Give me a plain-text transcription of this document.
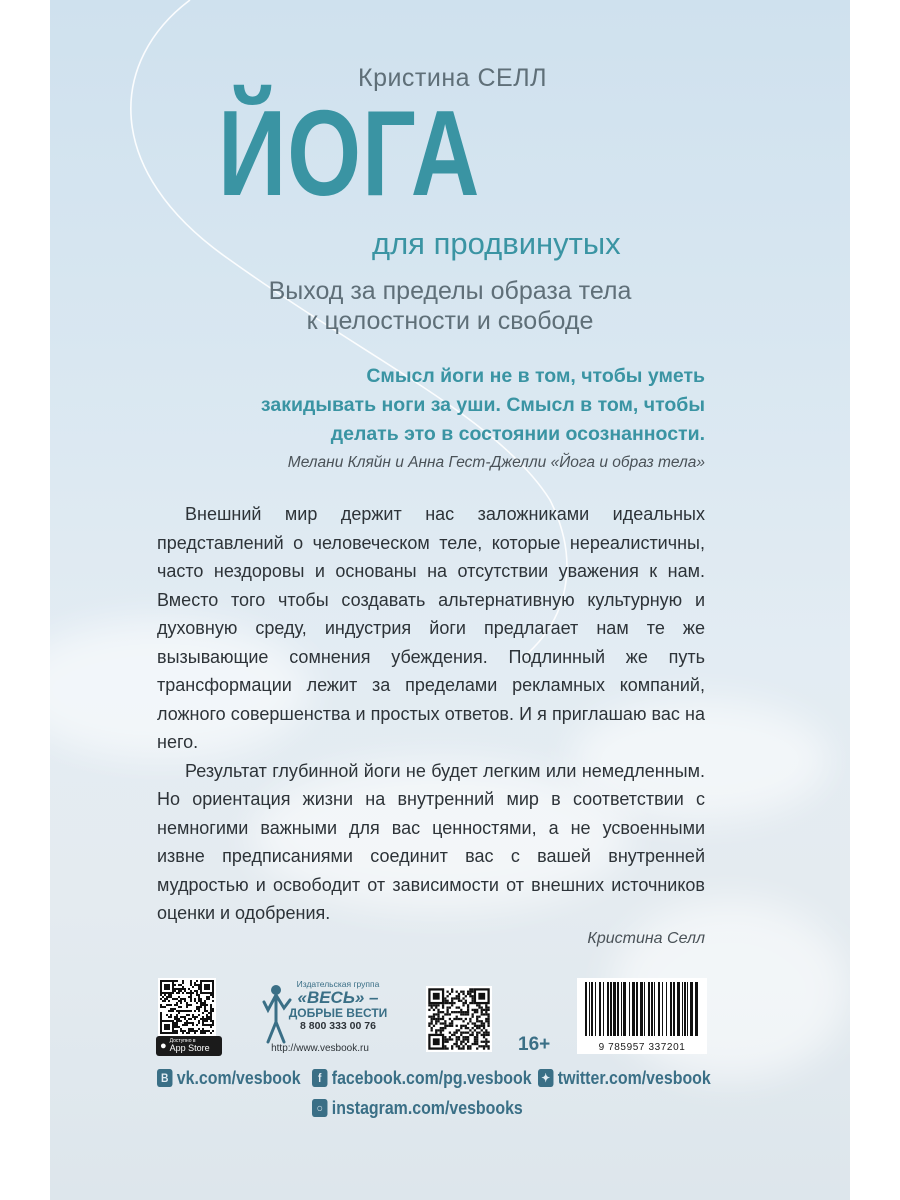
Кристина СЕЛЛ
ЙОГА
для продвинутых
Выход за пределы образа тела
к целостности и свободе
Смысл йоги не в том, чтобы уметь
закидывать ноги за уши. Смысл в том, чтобы
делать это в состоянии осознанности.
Мелани Кляйн и Анна Гест-Джелли «Йога и образ тела»

Внешний мир держит нас заложниками идеальных представлений о человеческом теле, которые нереалистичны, часто нездоровы и основаны на отсутствии уважения к нам. Вместо того чтобы создавать альтернативную культурную и духовную среду, индустрия йоги предлагает нам те же вызывающие сомнения убеждения. Подлинный же путь трансформации лежит за пределами рекламных компаний, ложного совершенства и простых ответов. И я приглашаю вас на него.

Результат глубинной йоги не будет легким или немедленным. Но ориентация жизни на внутренний мир в соответствии с немногими важными для вас ценностями, а не усвоенными извне предписаниями соединит вас с вашей внутренней мудростью и освободит от зависимости от внешних источников оценки и одобрения.

Кристина Селл
● Доступно в
App Store
Издательская группа
«ВЕСЬ» –
ДОБРЫЕ ВЕСТИ
8 800 333 00 76
http://www.vesbook.ru	16+	9 785957 337201
В vk.com/vesbook	f facebook.com/pg.vesbook ✦ twitter.com/vesbook
○ instagram.com/vesbooks
